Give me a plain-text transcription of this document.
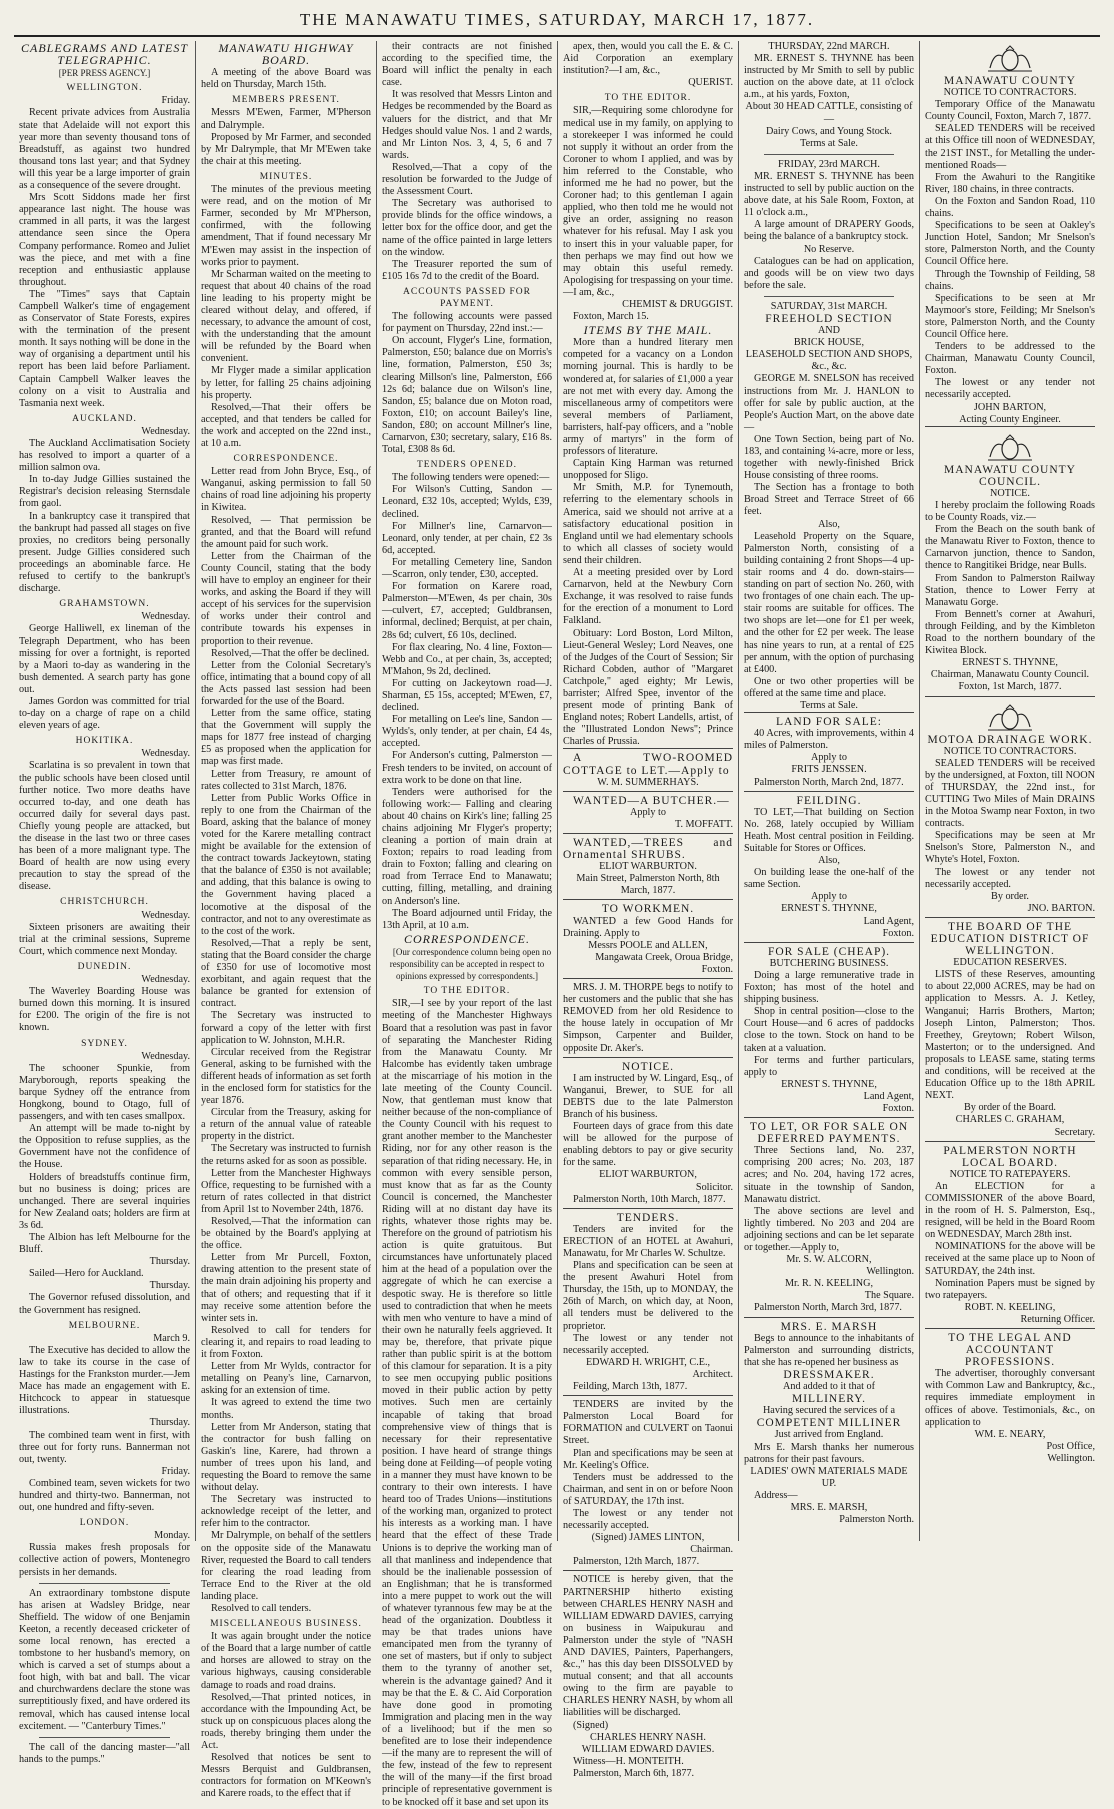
THE MANAWATU TIMES, SATURDAY, MARCH 17, 1877.
CABLEGRAMS AND LATEST TELEGRAPHIC.
[PER PRESS AGENCY.]
WELLINGTON.

Friday.

Recent private advices from Australia state that Adelaide will not export this year more than seventy thousand tons of Breadstuff, as against two hundred thousand tons last year; and that Sydney will this year be a large importer of grain as a consequence of the severe drought.

Mrs Scott Siddons made her first appearance last night. The house was crammed in all parts, it was the largest attendance seen since the Opera Company performance. Romeo and Juliet was the piece, and met with a fine reception and enthusiastic applause throughout.

The "Times" says that Captain Campbell Walker's time of engagement as Conservator of State Forests, expires with the termination of the present month. It says nothing will be done in the way of organising a department until his report has been laid before Parliament. Captain Campbell Walker leaves the colony on a visit to Australia and Tasmania next week.

AUCKLAND.

Wednesday.

The Auckland Acclimatisation Society has resolved to import a quarter of a million salmon ova.

In to-day Judge Gillies sustained the Registrar's decision releasing Sternsdale from gaol.

In a bankruptcy case it transpired that the bankrupt had passed all stages on five proxies, no creditors being personally present. Judge Gillies considered such proceedings an abominable farce. He refused to certify to the bankrupt's discharge.

GRAHAMSTOWN.

Wednesday.

George Halliwell, ex lineman of the Telegraph Department, who has been missing for over a fortnight, is reported by a Maori to-day as wandering in the bush demented. A search party has gone out.

James Gordon was committed for trial to-day on a charge of rape on a child eleven years of age.

HOKITIKA.

Wednesday.

Scarlatina is so prevalent in town that the public schools have been closed until further notice. Two more deaths have occurred to-day, and one death has occurred daily for several days past. Chiefly young people are attacked, but the disease in the last two or three cases has been of a more malignant type. The Board of health are now using every precaution to stay the spread of the disease.

CHRISTCHURCH.

Wednesday.

Sixteen prisoners are awaiting their trial at the criminal sessions, Supreme Court, which commence next Monday.

DUNEDIN.

Wednesday.

The Waverley Boarding House was burned down this morning. It is insured for £200. The origin of the fire is not known.

SYDNEY.

Wednesday.

The schooner Spunkie, from Maryborough, reports speaking the barque Sydney off the entrance from Hongkong, bound to Otago, full of passengers, and with ten cases smallpox.

An attempt will be made to-night by the Opposition to refuse supplies, as the Government have not the confidence of the House.

Holders of breadstuffs continue firm, but no business is doing; prices are unchanged. There are several inquiries for New Zealand oats; holders are firm at 3s 6d.

The Albion has left Melbourne for the Bluff.

Thursday.

Sailed—Hero for Auckland.

Thursday.

The Governor refused dissolution, and the Government has resigned.

MELBOURNE.

March 9.

The Executive has decided to allow the law to take its course in the case of Hastings for the Frankston murder.—Jem Mace has made an engagement with E. Hitchcock to appear in statuesque illustrations.

Thursday.

The combined team went in first, with three out for forty runs. Bannerman not out, twenty.

Friday.

Combined team, seven wickets for two hundred and thirty-two. Bannerman, not out, one hundred and fifty-seven.

LONDON.

Monday.

Russia makes fresh proposals for collective action of powers, Montenegro persists in her demands.

An extraordinary tombstone dispute has arisen at Wadsley Bridge, near Sheffield. The widow of one Benjamin Keeton, a recently deceased cricketer of some local renown, has erected a tombstone to her husband's memory, on which is carved a set of stumps about a foot high, with bat and ball. The vicar and churchwardens declare the stone was surreptitiously fixed, and have ordered its removal, which has caused intense local excitement. — "Canterbury Times."

The call of the dancing master—"all hands to the pumps."

MANAWATU HIGHWAY BOARD.

A meeting of the above Board was held on Thursday, March 15th.

MEMBERS PRESENT.

Messrs M'Ewen, Farmer, M'Pherson and Dalrymple.

Proposed by Mr Farmer, and seconded by Mr Dalrymple, that Mr M'Ewen take the chair at this meeting.

MINUTES.

The minutes of the previous meeting were read, and on the motion of Mr Farmer, seconded by Mr M'Pherson, confirmed, with the following amendment, That if found necessary Mr M'Ewen may assist in the inspection of works prior to payment.

Mr Scharman waited on the meeting to request that about 40 chains of the road line leading to his property might be cleared without delay, and offered, if necessary, to advance the amount of cost, with the understanding that the amount will be refunded by the Board when convenient.

Mr Flyger made a similar application by letter, for falling 25 chains adjoining his property.

Resolved,—That their offers be accepted, and that tenders be called for the work and accepted on the 22nd inst., at 10 a.m.

CORRESPONDENCE.

Letter read from John Bryce, Esq., of Wanganui, asking permission to fall 50 chains of road line adjoining his property in Kiwitea.

Resolved, — That permission be granted, and that the Board will refund the amount paid for such work.

Letter from the Chairman of the County Council, stating that the body will have to employ an engineer for their works, and asking the Board if they will accept of his services for the supervision of works under their control and contribute towards his expenses in proportion to their revenue.

Resolved,—That the offer be declined.

Letter from the Colonial Secretary's office, intimating that a bound copy of all the Acts passed last session had been forwarded for the use of the Board.

Letter from the same office, stating that the Government will supply the maps for 1877 free instead of charging £5 as proposed when the application for map was first made.

Letter from Treasury, re amount of rates collected to 31st March, 1876.

Letter from Public Works Office in reply to one from the Chairman of the Board, asking that the balance of money voted for the Karere metalling contract might be available for the extension of the contract towards Jackeytown, stating that the balance of £350 is not available; and adding, that this balance is owing to the Government having placed a locomotive at the disposal of the contractor, and not to any overestimate as to the cost of the work.

Resolved,—That a reply be sent, stating that the Board consider the charge of £350 for use of locomotive most exorbitant, and again request that the balance be granted for extension of contract.

The Secretary was instructed to forward a copy of the letter with first application to W. Johnston, M.H.R.

Circular received from the Registrar General, asking to be furnished with the different heads of information as set forth in the enclosed form for statistics for the year 1876.

Circular from the Treasury, asking for a return of the annual value of rateable property in the district.

The Secretary was instructed to furnish the returns asked for as soon as possible.

Letter from the Manchester Highways Office, requesting to be furnished with a return of rates collected in that district from April 1st to November 24th, 1876.

Resolved,—That the information can be obtained by the Board's applying at the office.

Letter from Mr Purcell, Foxton, drawing attention to the present state of the main drain adjoining his property and that of others; and requesting that if it may receive some attention before the winter sets in.

Resolved to call for tenders for clearing it, and repairs to road leading to it from Foxton.

Letter from Mr Wylds, contractor for metalling on Peany's line, Carnarvon, asking for an extension of time.

It was agreed to extend the time two months.

Letter from Mr Anderson, stating that the contractor for bush falling on Gaskin's line, Karere, had thrown a number of trees upon his land, and requesting the Board to remove the same without delay.

The Secretary was instructed to acknowledge receipt of the letter, and refer him to the contractor.

Mr Dalrymple, on behalf of the settlers on the opposite side of the Manawatu River, requested the Board to call tenders for clearing the road leading from Terrace End to the River at the old landing place.

Resolved to call tenders.

MISCELLANEOUS BUSINESS.

It was again brought under the notice of the Board that a large number of cattle and horses are allowed to stray on the various highways, causing considerable damage to roads and road drains.

Resolved,—That printed notices, in accordance with the Impounding Act, be stuck up on conspicuous places along the roads, thereby bringing them under the Act.

Resolved that notices be sent to Messrs Berquist and Guldbransen, contractors for formation on M'Keown's and Karere roads, to the effect that if

their contracts are not finished according to the specified time, the Board will inflict the penalty in each case.

It was resolved that Messrs Linton and Hedges be recommended by the Board as valuers for the district, and that Mr Hedges should value Nos. 1 and 2 wards, and Mr Linton Nos. 3, 4, 5, 6 and 7 wards.

Resolved,—That a copy of the resolution be forwarded to the Judge of the Assessment Court.

The Secretary was authorised to provide blinds for the office windows, a letter box for the office door, and get the name of the office painted in large letters on the window.

The Treasurer reported the sum of £105 16s 7d to the credit of the Board.

ACCOUNTS PASSED FOR PAYMENT.

The following accounts were passed for payment on Thursday, 22nd inst.:—

On account, Flyger's Line, formation, Palmerston, £50; balance due on Morris's line, formation, Palmerston, £50 3s; clearing Millson's line, Palmerston, £66 12s 6d; balance due on Wilson's line, Sandon, £5; balance due on Moton road, Foxton, £10; on account Bailey's line, Sandon, £80; on account Millner's line, Carnarvon, £30; secretary, salary, £16 8s. Total, £308 8s 6d.

TENDERS OPENED.

The following tenders were opened:—

For Wilson's Cutting, Sandon — Leonard, £32 10s, accepted; Wylds, £39, declined.

For Millner's line, Carnarvon—Leonard, only tender, at per chain, £2 3s 6d, accepted.

For metalling Cemetery line, Sandon —Scarron, only tender, £30, accepted.

For formation on Karere road, Palmerston—M'Ewen, 4s per chain, 30s—culvert, £7, accepted; Guldbransen, informal, declined; Berquist, at per chain, 28s 6d; culvert, £6 10s, declined.

For flax clearing, No. 4 line, Foxton— Webb and Co., at per chain, 3s, accepted; M'Mahon, 9s 2d, declined.

For cutting on Jackeytown road—J. Sharman, £5 15s, accepted; M'Ewen, £7, declined.

For metalling on Lee's line, Sandon —Wylds's, only tender, at per chain, £4 4s, accepted.

For Anderson's cutting, Palmerston —Fresh tenders to be invited, on account of extra work to be done on that line.

Tenders were authorised for the following work:— Falling and clearing about 40 chains on Kirk's line; falling 25 chains adjoining Mr Flyger's property; cleaning a portion of main drain at Foxton; repairs to road leading from drain to Foxton; falling and clearing on road from Terrace End to Manawatu; cutting, filling, metalling, and draining on Anderson's line.

The Board adjourned until Friday, the 13th April, at 10 a.m.

CORRESPONDENCE.

[Our correspondence column being open no responsibility can be accepted in respect to opinions expressed by correspondents.]

TO THE EDITOR.

SIR,—I see by your report of the last meeting of the Manchester Highways Board that a resolution was past in favor of separating the Manchester Riding from the Manawatu County. Mr Halcombe has evidently taken umbrage at the miscarriage of his motion in the late meeting of the County Council. Now, that gentleman must know that neither because of the non-compliance of the County Council with his request to grant another member to the Manchester Riding, nor for any other reason is the separation of that riding necessary. He, in common with every sensible person, must know that as far as the County Council is concerned, the Manchester Riding will at no distant day have its rights, whatever those rights may be. Therefore on the ground of patriotism his action is quite gratuitous. But circumstances have unfortunately placed him at the head of a population over the aggregate of which he can exercise a despotic sway. He is therefore so little used to contradiction that when he meets with men who venture to have a mind of their own he naturally feels aggrieved. It may be, therefore, that private pique rather than public spirit is at the bottom of this clamour for separation. It is a pity to see men occupying public positions moved in their public action by petty motives. Such men are certainly incapable of taking that broad comprehensive view of things that is necessary for their representative position. I have heard of strange things being done at Feilding—of people voting in a manner they must have known to be contrary to their own interests. I have heard too of Trades Unions—institutions of the working man, organized to protect his interests as a working man. I have heard that the effect of these Trade Unions is to deprive the working man of all that manliness and independence that should be the inalienable possession of an Englishman; that he is transformed into a mere puppet to work out the will of whatever tyrannous few may be at the head of the organization. Doubtless it may be that trades unions have emancipated men from the tyranny of one set of masters, but if only to subject them to the tyranny of another set, wherein is the advantage gained? And it may be that the E. & C. Aid Corporation have done good in promoting Immigration and placing men in the way of a livelihood; but if the men so benefited are to lose their independence—if the many are to represent the will of the few, instead of the few to represent the will of the many—if the first broad principle of representative government is to be knocked off it base and set upon its

apex, then, would you call the E. & C. Aid Corporation an exemplary institution?—I am, &c.,

QUERIST.

TO THE EDITOR.

SIR,—Requiring some chlorodyne for medical use in my family, on applying to a storekeeper I was informed he could not supply it without an order from the Coroner to whom I applied, and was by him referred to the Constable, who informed me he had no power, but the Coroner had; to this gentleman I again applied, who then told me he would not give an order, assigning no reason whatever for his refusal. May I ask you to insert this in your valuable paper, for then perhaps we may find out how we may obtain this useful remedy. Apologising for trespassing on your time.—I am, &c.,

CHEMIST & DRUGGIST.

Foxton, March 15.

ITEMS BY THE MAIL.

More than a hundred literary men competed for a vacancy on a London morning journal. This is hardly to be wondered at, for salaries of £1,000 a year are not met with every day. Among the miscellaneous army of competitors were several members of Parliament, barristers, half-pay officers, and a "noble army of martyrs" in the form of professors of literature.

Captain King Harman was returned unopposed for Sligo.

Mr Smith, M.P. for Tynemouth, referring to the elementary schools in America, said we should not arrive at a satisfactory educational position in England until we had elementary schools to which all classes of society would send their children.

At a meeting presided over by Lord Carnarvon, held at the Newbury Corn Exchange, it was resolved to raise funds for the erection of a monument to Lord Falkland.

Obituary: Lord Boston, Lord Milton, Lieut-General Wesley; Lord Neaves, one of the Judges of the Court of Session; Sir Richard Cobden, author of "Margaret Catchpole," aged eighty; Mr Lewis, barrister; Alfred Spee, inventor of the present mode of printing Bank of England notes; Robert Landells, artist, of the "Illustrated London News"; Prince Charles of Prussia.

A TWO-ROOMED COTTAGE to LET.—Apply to

W. M. SUMMERHAYS.

WANTED—A BUTCHER.—

Apply to

T. MOFFATT.

WANTED,—TREES and Ornamental SHRUBS.

ELIOT WARBURTON.

Main Street, Palmerston North, 8th March, 1877.

TO WORKMEN.

WANTED a few Good Hands for Draining. Apply to

Messrs POOLE and ALLEN,

Mangawata Creek, Oroua Bridge, Foxton.

MRS. J. M. THORPE begs to notify to her customers and the public that she has REMOVED from her old Residence to the house lately in occupation of Mr Simpson, Carpenter and Builder, opposite Dr. Aker's.

NOTICE.

I am instructed by W. Lingard, Esq., of Wanganui, Brewer, to SUE for all DEBTS due to the late Palmerston Branch of his business.

Fourteen days of grace from this date will be allowed for the purpose of enabling debtors to pay or give security for the same.

ELIOT WARBURTON,

Solicitor.

Palmerston North, 10th March, 1877.

TENDERS.

Tenders are invited for the ERECTION of an HOTEL at Awahuri, Manawatu, for Mr Charles W. Schultze.

Plans and specification can be seen at the present Awahuri Hotel from Thursday, the 15th, up to MONDAY, the 26th of March, on which day, at Noon, all tenders must be delivered to the proprietor.

The lowest or any tender not necessarily accepted.

EDWARD H. WRIGHT, C.E.,

Architect.

Feilding, March 13th, 1877.

TENDERS are invited by the Palmerston Local Board for FORMATION and CULVERT on Taonui Street.

Plan and specifications may be seen at Mr. Keeling's Office.

Tenders must be addressed to the Chairman, and sent in on or before Noon of SATURDAY, the 17th inst.

The lowest or any tender not necessarily accepted.

(Signed) JAMES LINTON,

Chairman.

Palmerston, 12th March, 1877.

NOTICE is hereby given, that the PARTNERSHIP hitherto existing between CHARLES HENRY NASH and WILLIAM EDWARD DAVIES, carrying on business in Waipukurau and Palmerston under the style of "NASH AND DAVIES, Painters, Paperhangers, &c.," has this day been DISSOLVED by mutual consent; and that all accounts owing to the firm are payable to CHARLES HENRY NASH, by whom all liabilities will be discharged.

(Signed)

CHARLES HENRY NASH.

WILLIAM EDWARD DAVIES.

Witness—H. MONTEITH.

Palmerston, March 6th, 1877.

THURSDAY, 22nd MARCH.

MR. ERNEST S. THYNNE has been instructed by Mr Smith to sell by public auction on the above date, at 11 o'clock a.m., at his yards, Foxton,

About 30 HEAD CATTLE, consisting of—

Dairy Cows, and Young Stock.

Terms at Sale.

FRIDAY, 23rd MARCH.

MR. ERNEST S. THYNNE has been instructed to sell by public auction on the above date, at his Sale Room, Foxton, at 11 o'clock a.m.,

A large amount of DRAPERY Goods, being the balance of a bankruptcy stock.

No Reserve.

Catalogues can be had on application, and goods will be on view two days before the sale.

SATURDAY, 31st MARCH.

FREEHOLD SECTION

AND

BRICK HOUSE,

LEASEHOLD SECTION AND SHOPS, &c., &c.

GEORGE M. SNELSON has received instructions from Mr. J. HANLON to offer for sale by public auction, at the People's Auction Mart, on the above date—

One Town Section, being part of No. 183, and containing ¼-acre, more or less, together with newly-finished Brick House consisting of three rooms.

The Section has a frontage to both Broad Street and Terrace Street of 66 feet.

Also,

Leasehold Property on the Square, Palmerston North, consisting of a building containing 2 front Shops—4 up-stair rooms and 4 do. down-stairs— standing on part of section No. 260, with two frontages of one chain each. The up-stair rooms are suitable for offices. The two shops are let—one for £1 per week, and the other for £2 per week. The lease has nine years to run, at a rental of £25 per annum, with the option of purchasing at £400.

One or two other properties will be offered at the same time and place.

Terms at Sale.

LAND FOR SALE:

40 Acres, with improvements, within 4 miles of Palmerston.

Apply to

FRITS JENSSEN.

Palmerston North, March 2nd, 1877.

FEILDING.

TO LET,—That building on Section No. 268, lately occupied by William Heath. Most central position in Feilding. Suitable for Stores or Offices.

Also,

On building lease the one-half of the same Section.

Apply to

ERNEST S. THYNNE,

Land Agent,

Foxton.

FOR SALE (CHEAP).

BUTCHERING BUSINESS.

Doing a large remunerative trade in Foxton; has most of the hotel and shipping business.

Shop in central position—close to the Court House—and 6 acres of paddocks close to the town. Stock on hand to be taken at a valuation.

For terms and further particulars, apply to

ERNEST S. THYNNE,

Land Agent,

Foxton.

TO LET, OR FOR SALE ON DEFERRED PAYMENTS.

Three Sections land, No. 237, comprising 200 acres; No. 203, 187 acres; and No. 204, having 172 acres, situate in the township of Sandon, Manawatu district.

The above sections are level and lightly timbered. No 203 and 204 are adjoining sections and can be let separate or together.—Apply to,

Mr. S. W. ALCORN,

Wellington.

Mr. R. N. KEELING,

The Square.

Palmerston North, March 3rd, 1877.

MRS. E. MARSH

Begs to announce to the inhabitants of Palmerston and surrounding districts, that she has re-opened her business as

DRESSMAKER.

And added to it that of

MILLINERY.

Having secured the services of a

COMPETENT MILLINER

Just arrived from England.

Mrs E. Marsh thanks her numerous patrons for their past favours.

LADIES' OWN MATERIALS MADE UP.

Address—

MRS. E. MARSH,

Palmerston North.

MANAWATU COUNTY

NOTICE TO CONTRACTORS.

Temporary Office of the Manawatu County Council, Foxton, March 7, 1877.

SEALED TENDERS will be received at this Office till noon of WEDNESDAY, the 21ST INST., for Metalling the under-mentioned Roads—

From the Awahuri to the Rangitike River, 180 chains, in three contracts.

On the Foxton and Sandon Road, 110 chains.

Specifications to be seen at Oakley's Junction Hotel, Sandon; Mr Snelson's store, Palmerston North, and the County Council Office here.

Through the Township of Feilding, 58 chains.

Specifications to be seen at Mr Maymoor's store, Feilding; Mr Snelson's store, Palmerston North, and the County Council Office here.

Tenders to be addressed to the Chairman, Manawatu County Council, Foxton.

The lowest or any tender not necessarily accepted.

JOHN BARTON,

Acting County Engineer.

MANAWATU COUNTY COUNCIL.

NOTICE.

I hereby proclaim the following Roads to be County Roads, viz.—

From the Beach on the south bank of the Manawatu River to Foxton, thence to Carnarvon junction, thence to Sandon, thence to Rangitikei Bridge, near Bulls.

From Sandon to Palmerston Railway Station, thence to Lower Ferry at Manawatu Gorge.

From Bennett's corner at Awahuri, through Feilding, and by the Kimbleton Road to the northern boundary of the Kiwitea Block.

ERNEST S. THYNNE,

Chairman, Manawatu County Council.

Foxton, 1st March, 1877.

MOTOA DRAINAGE WORK.

NOTICE TO CONTRACTORS.

SEALED TENDERS will be received by the undersigned, at Foxton, till NOON of THURSDAY, the 22nd inst., for CUTTING Two Miles of Main DRAINS in the Motoa Swamp near Foxton, in two contracts.

Specifications may be seen at Mr Snelson's Store, Palmerston N., and Whyte's Hotel, Foxton.

The lowest or any tender not necessarily accepted.

By order.

JNO. BARTON.

THE BOARD OF THE EDUCATION DISTRICT OF WELLINGTON.

EDUCATION RESERVES.

LISTS of these Reserves, amounting to about 22,000 ACRES, may be had on application to Messrs. A. J. Ketley, Wanganui; Harris Brothers, Marton; Joseph Linton, Palmerston; Thos. Freethey, Greytown; Robert Wilson, Masterton; or to the undersigned. And proposals to LEASE same, stating terms and conditions, will be received at the Education Office up to the 18th APRIL NEXT.

By order of the Board.

CHARLES C. GRAHAM,

Secretary.

PALMERSTON NORTH LOCAL BOARD.

NOTICE TO RATEPAYERS.

An ELECTION for a COMMISSIONER of the above Board, in the room of H. S. Palmerston, Esq., resigned, will be held in the Board Room on WEDNESDAY, March 28th inst.

NOMINATIONS for the above will be received at the same place up to Noon of SATURDAY, the 24th inst.

Nomination Papers must be signed by two ratepayers.

ROBT. N. KEELING,

Returning Officer.

TO THE LEGAL AND ACCOUNTANT PROFESSIONS.

The advertiser, thoroughly conversant with Common Law and Bankruptcy, &c., requires immediate employment in offices of above. Testimonials, &c., on application to

WM. E. NEARY,

Post Office,

Wellington.
